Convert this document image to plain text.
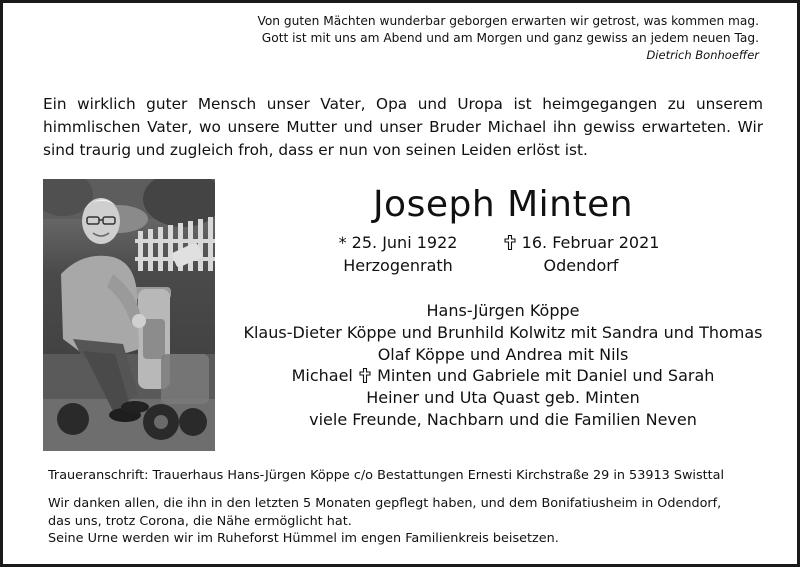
Von guten Mächten wunderbar geborgen erwarten wir getrost, was kommen mag.
Gott ist mit uns am Abend und am Morgen und ganz gewiss an jedem neuen Tag.
Dietrich Bonhoeffer
Ein wirklich guter Mensch unser Vater, Opa und Uropa ist heimgegangen zu unserem himmlischen Vater, wo unsere Mutter und unser Bruder Michael ihn gewiss erwarteten. Wir sind traurig und zugleich froh, dass er nun von seinen Leiden erlöst ist.
Joseph Minten
* 25. Juni 1922
Herzogenrath
16. Februar 2021
Odendorf
Hans-Jürgen Köppe
Klaus-Dieter Köppe und Brunhild Kolwitz mit Sandra und Thomas
Olaf Köppe und Andrea mit Nils
Michael Minten und Gabriele mit Daniel und Sarah
Heiner und Uta Quast geb. Minten
viele Freunde, Nachbarn und die Familien Neven
Traueranschrift: Trauerhaus Hans-Jürgen Köppe c/o Bestattungen Ernesti Kirchstraße 29 in 53913 Swisttal
Wir danken allen, die ihn in den letzten 5 Monaten gepflegt haben, und dem Bonifatiusheim in Odendorf,
das uns, trotz Corona, die Nähe ermöglicht hat.
Seine Urne werden wir im Ruheforst Hümmel im engen Familienkreis beisetzen.
